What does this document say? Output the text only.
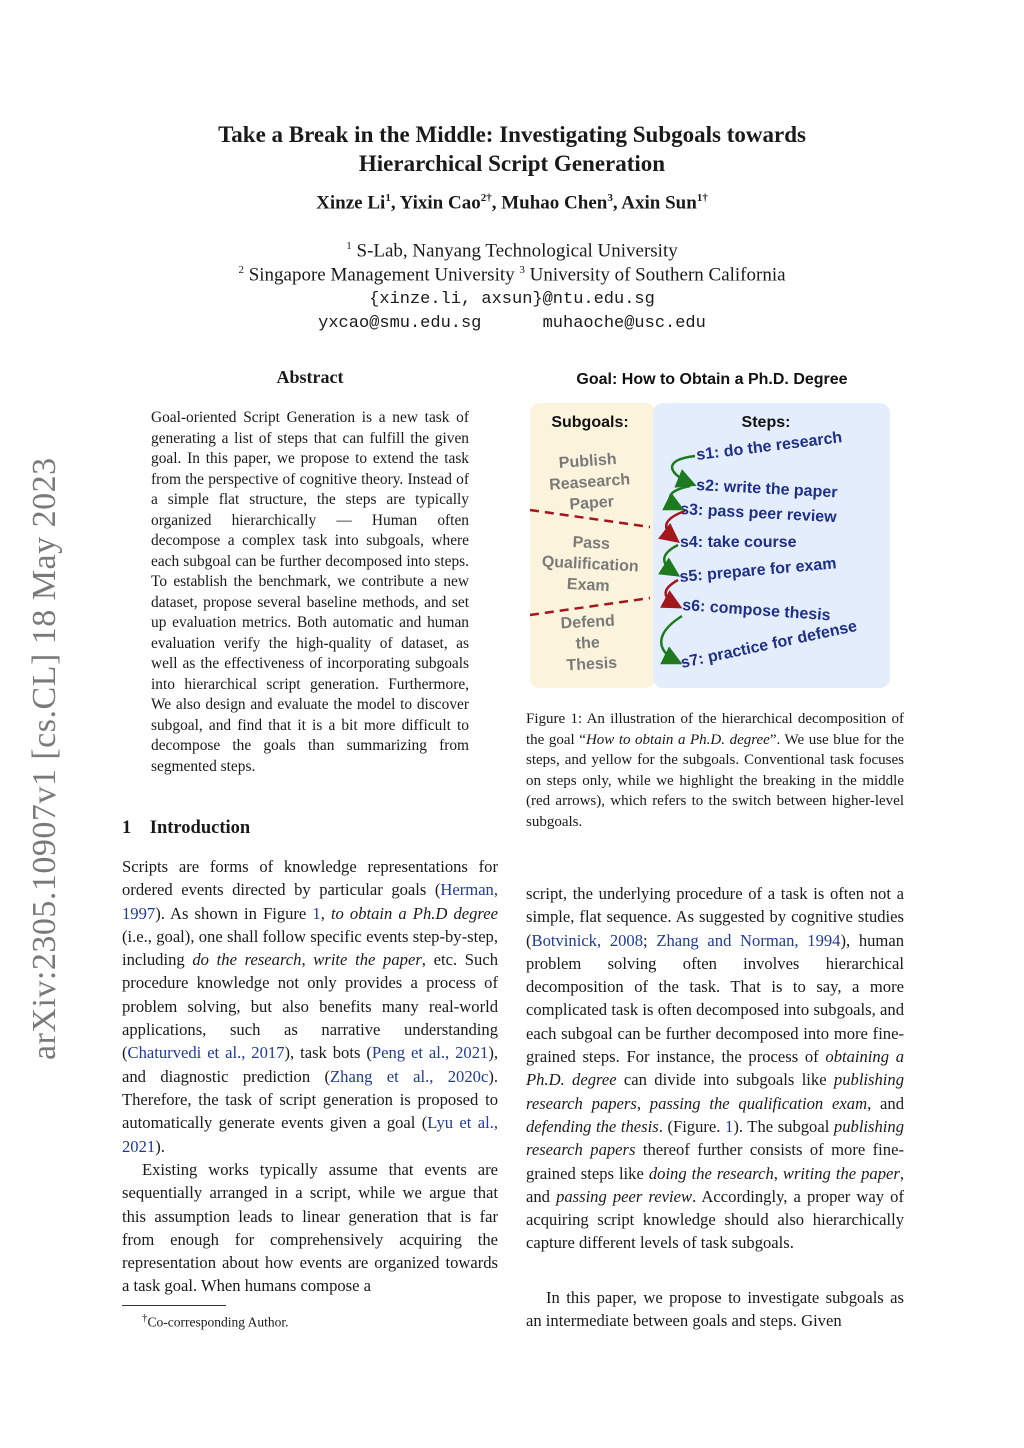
arXiv:2305.10907v1 [cs.CL] 18 May 2023
Take a Break in the Middle: Investigating Subgoals towards
Hierarchical Script Generation
Xinze Li$^1$, Yixin Cao$^{2\dagger}$, Muhao Chen$^3$, Axin Sun$^{1\dagger}$
$^1$ S-Lab, Nanyang Technological University
$^2$ Singapore Management University $^3$ University of Southern California
{xinze.li, axsun}@ntu.edu.sg
yxcao@smu.edu.sg	muhaoche@usc.edu
Abstract
Goal-oriented Script Generation is a new task of generating a list of steps that can fulfill the given goal. In this paper, we propose to extend the task from the perspective of cognitive theory. Instead of a simple flat structure, the steps are typically organized hierarchically — Human often decompose a complex task into subgoals, where each subgoal can be further decomposed into steps. To establish the benchmark, we contribute a new dataset, propose several baseline methods, and set up evaluation metrics. Both automatic and human evaluation verify the high-quality of dataset, as well as the effectiveness of incorporating subgoals into hierarchical script generation. Furthermore, We also design and evaluate the model to discover subgoal, and find that it is a bit more difficult to decompose the goals than summarizing from segmented steps.
1 Introduction
Scripts are forms of knowledge representations for ordered events directed by particular goals (Herman, 1997). As shown in Figure 1, to obtain a Ph.D degree (i.e., goal), one shall follow specific events step-by-step, including do the research, write the paper, etc. Such procedure knowledge not only provides a process of problem solving, but also benefits many real-world applications, such as narrative understanding (Chaturvedi et al., 2017), task bots (Peng et al., 2021), and diagnostic prediction (Zhang et al., 2020c). Therefore, the task of script generation is proposed to automatically generate events given a goal (Lyu et al., 2021).
Existing works typically assume that events are sequentially arranged in a script, while we argue that this assumption leads to linear generation that is far from enough for comprehensively acquiring the representation about how events are organized towards a task goal. When humans compose a
†Co-corresponding Author.
Goal: How to Obtain a Ph.D. Degree
Subgoals:	Steps:
Publish
Reasearch
Paper
Pass
Qualification
Exam
Defend
the
Thesis
s1: do the research
s2: write the paper
s3: pass peer review
s4: take course
s5: prepare for exam
s6: compose thesis
s7: practice for defense
Figure 1: An illustration of the hierarchical decomposition of the goal “How to obtain a Ph.D. degree”. We use blue for the steps, and yellow for the subgoals. Conventional task focuses on steps only, while we highlight the breaking in the middle (red arrows), which refers to the switch between higher-level subgoals.
script, the underlying procedure of a task is often not a simple, flat sequence. As suggested by cognitive studies (Botvinick, 2008; Zhang and Norman, 1994), human problem solving often involves hierarchical decomposition of the task. That is to say, a more complicated task is often decomposed into subgoals, and each subgoal can be further decomposed into more fine-grained steps. For instance, the process of obtaining a Ph.D. degree can divide into subgoals like publishing research papers, passing the qualification exam, and defending the thesis. (Figure. 1). The subgoal publishing research papers thereof further consists of more fine-grained steps like doing the research, writing the paper, and passing peer review. Accordingly, a proper way of acquiring script knowledge should also hierarchically capture different levels of task subgoals.
In this paper, we propose to investigate subgoals as an intermediate between goals and steps. Given
